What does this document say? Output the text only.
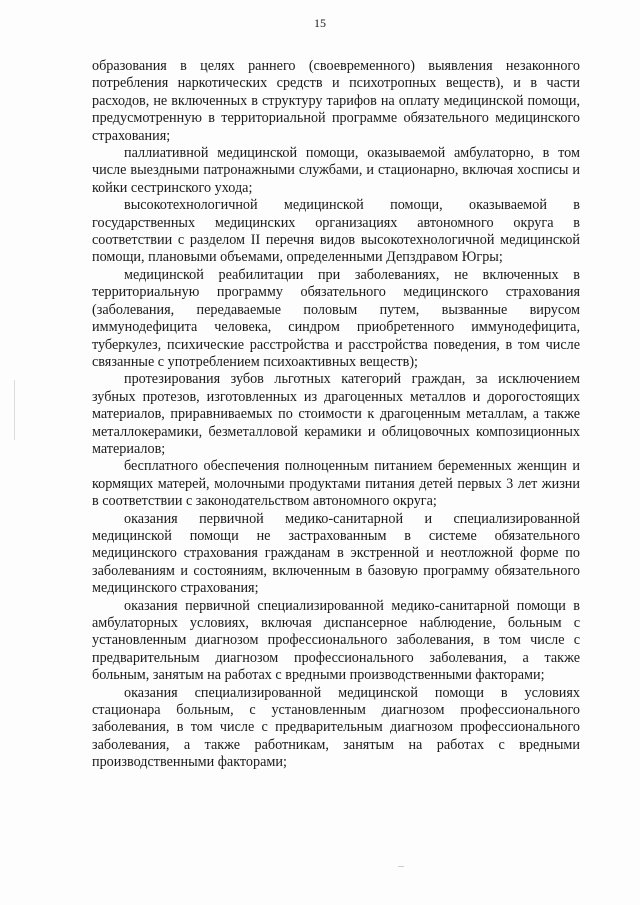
15

образования в целях раннего (своевременного) выявления незаконного потребления наркотических средств и психотропных веществ), и в части расходов, не включенных в структуру тарифов на оплату медицинской помощи, предусмотренную в территориальной программе обязательного медицинского страхования;

паллиативной медицинской помощи, оказываемой амбулаторно, в том числе выездными патронажными службами, и стационарно, включая хосписы и койки сестринского ухода;

высокотехнологичной медицинской помощи, оказываемой в государственных медицинских организациях автономного округа в соответствии с разделом II перечня видов высокотехнологичной медицинской помощи, плановыми объемами, определенными Депздравом Югры;

медицинской реабилитации при заболеваниях, не включенных в территориальную программу обязательного медицинского страхования (заболевания, передаваемые половым путем, вызванные вирусом иммунодефицита человека, синдром приобретенного иммунодефицита, туберкулез, психические расстройства и расстройства поведения, в том числе связанные с употреблением психоактивных веществ);

протезирования зубов льготных категорий граждан, за исключением зубных протезов, изготовленных из драгоценных металлов и дорогостоящих материалов, приравниваемых по стоимости к драгоценным металлам, а также металлокерамики, безметалловой керамики и облицовочных композиционных материалов;

бесплатного обеспечения полноценным питанием беременных женщин и кормящих матерей, молочными продуктами питания детей первых 3 лет жизни в соответствии с законодательством автономного округа;

оказания первичной медико-санитарной и специализированной медицинской помощи не застрахованным в системе обязательного медицинского страхования гражданам в экстренной и неотложной форме по заболеваниям и состояниям, включенным в базовую программу обязательного медицинского страхования;

оказания первичной специализированной медико-санитарной помощи в амбулаторных условиях, включая диспансерное наблюдение, больным с установленным диагнозом профессионального заболевания, в том числе с предварительным диагнозом профессионального заболевания, а также больным, занятым на работах с вредными производственными факторами;

оказания специализированной медицинской помощи в условиях стационара больным, с установленным диагнозом профессионального заболевания, в том числе с предварительным диагнозом профессионального заболевания, а также работникам, занятым на работах с вредными производственными факторами;
